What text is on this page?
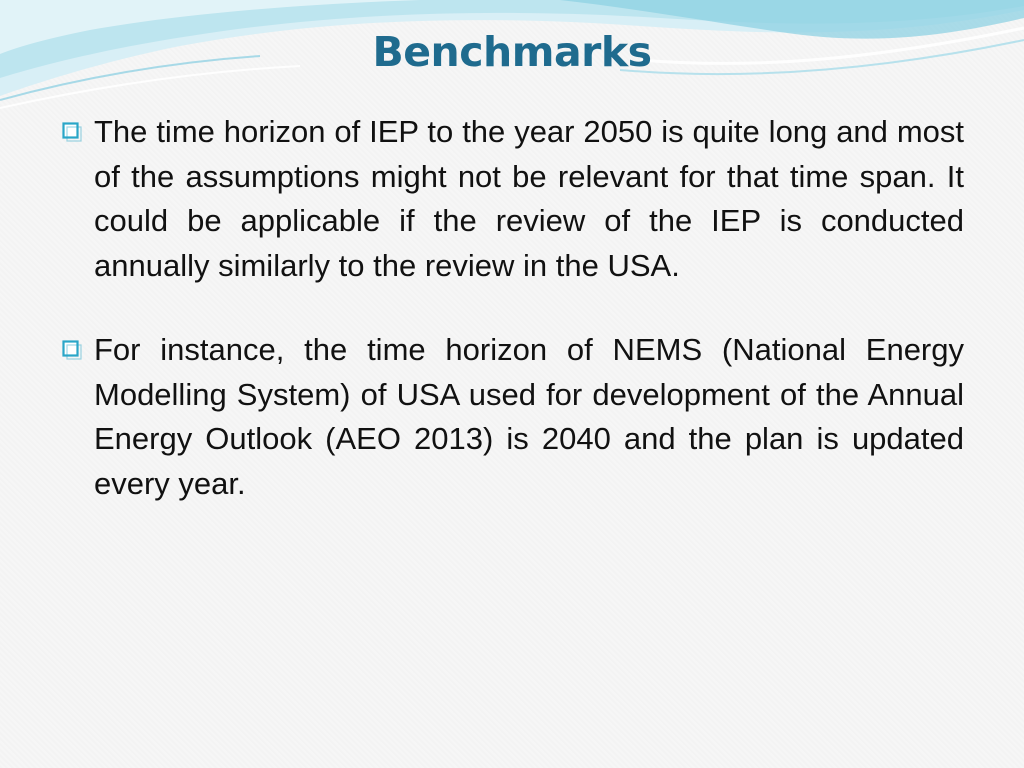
Benchmarks
The time horizon of IEP to the year 2050 is quite long and most of the assumptions might not be relevant for that time span. It could be applicable if the review of the IEP is conducted annually similarly to the review in the USA.
For instance, the time horizon of NEMS (National Energy Modelling System) of USA used for development of the Annual Energy Outlook (AEO 2013) is 2040 and the plan is updated every year.
